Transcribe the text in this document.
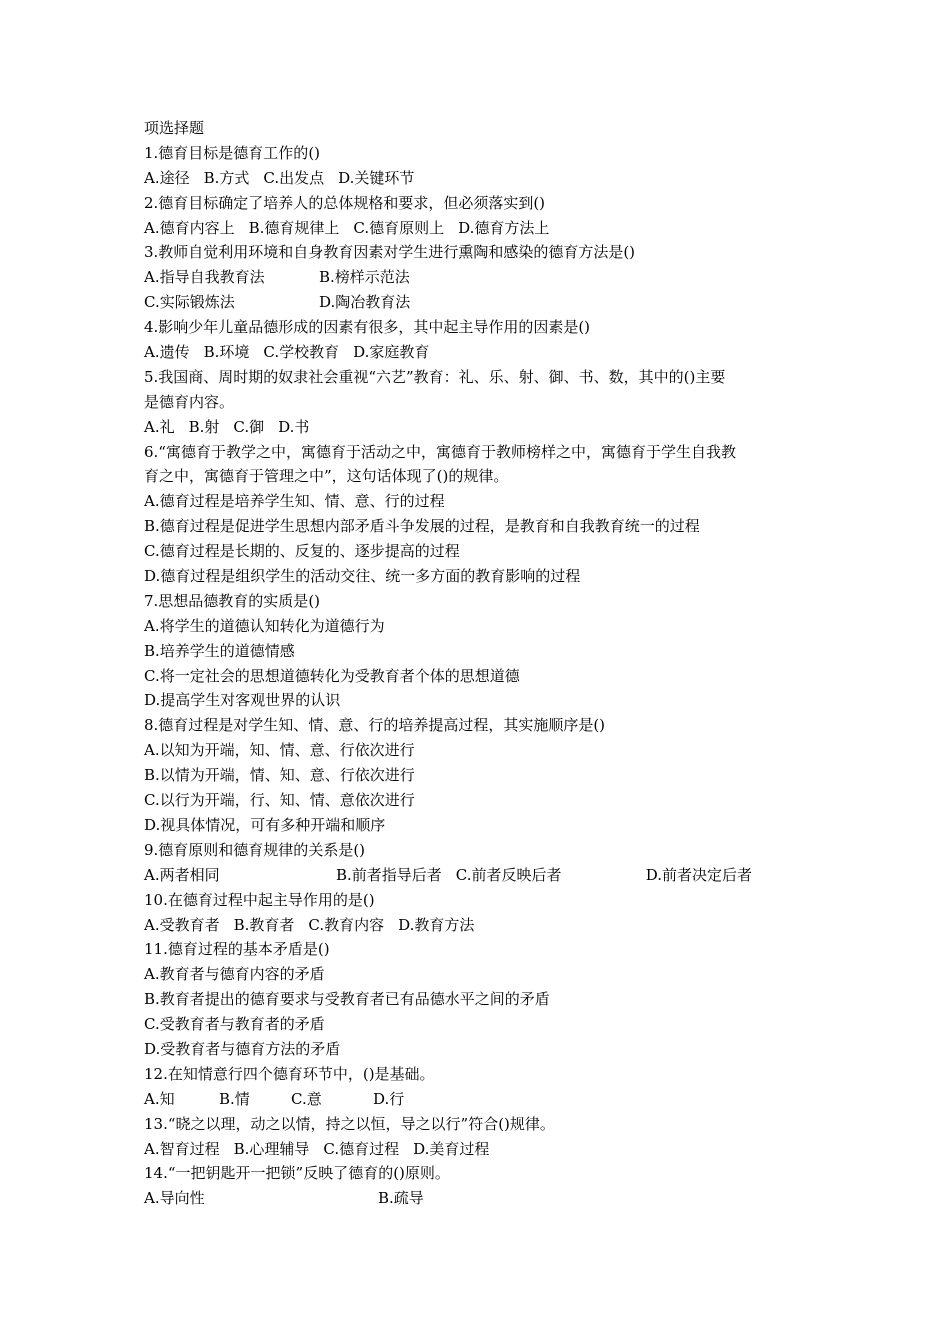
项选择题
1.德育目标是德育工作的()
A.途径 B.方式 C.出发点 D.关键环节
2.德育目标确定了培养人的总体规格和要求，但必须落实到()
A.德育内容上 B.德育规律上 C.德育原则上 D.德育方法上
3.教师自觉利用环境和自身教育因素对学生进行熏陶和感染的德育方法是()
A.指导自我教育法	B.榜样示范法
C.实际锻炼法	D.陶冶教育法
4.影响少年儿童品德形成的因素有很多，其中起主导作用的因素是()
A.遗传 B.环境 C.学校教育 D.家庭教育
5.我国商、周时期的奴隶社会重视“六艺”教育：礼、乐、射、御、书、数，其中的()主要
是德育内容。
A.礼 B.射 C.御 D.书
6.“寓德育于教学之中，寓德育于活动之中，寓德育于教师榜样之中，寓德育于学生自我教
育之中，寓德育于管理之中”，这句话体现了()的规律。
A.德育过程是培养学生知、情、意、行的过程
B.德育过程是促进学生思想内部矛盾斗争发展的过程，是教育和自我教育统一的过程
C.德育过程是长期的、反复的、逐步提高的过程
D.德育过程是组织学生的活动交往、统一多方面的教育影响的过程
7.思想品德教育的实质是()
A.将学生的道德认知转化为道德行为
B.培养学生的道德情感
C.将一定社会的思想道德转化为受教育者个体的思想道德
D.提高学生对客观世界的认识
8.德育过程是对学生知、情、意、行的培养提高过程，其实施顺序是()
A.以知为开端，知、情、意、行依次进行
B.以情为开端，情、知、意、行依次进行
C.以行为开端，行、知、情、意依次进行
D.视具体情况，可有多种开端和顺序
9.德育原则和德育规律的关系是()
A.两者相同	B.前者指导后者 C.前者反映后者	D.前者决定后者
10.在德育过程中起主导作用的是()
A.受教育者 B.教育者 C.教育内容 D.教育方法
11.德育过程的基本矛盾是()
A.教育者与德育内容的矛盾
B.教育者提出的德育要求与受教育者已有品德水平之间的矛盾
C.受教育者与教育者的矛盾
D.受教育者与德育方法的矛盾
12.在知情意行四个德育环节中，()是基础。
A.知	B.情	C.意	D.行
13.“晓之以理，动之以情，持之以恒，导之以行”符合()规律。
A.智育过程 B.心理辅导 C.德育过程 D.美育过程
14.“一把钥匙开一把锁”反映了德育的()原则。
A.导向性	B.疏导
